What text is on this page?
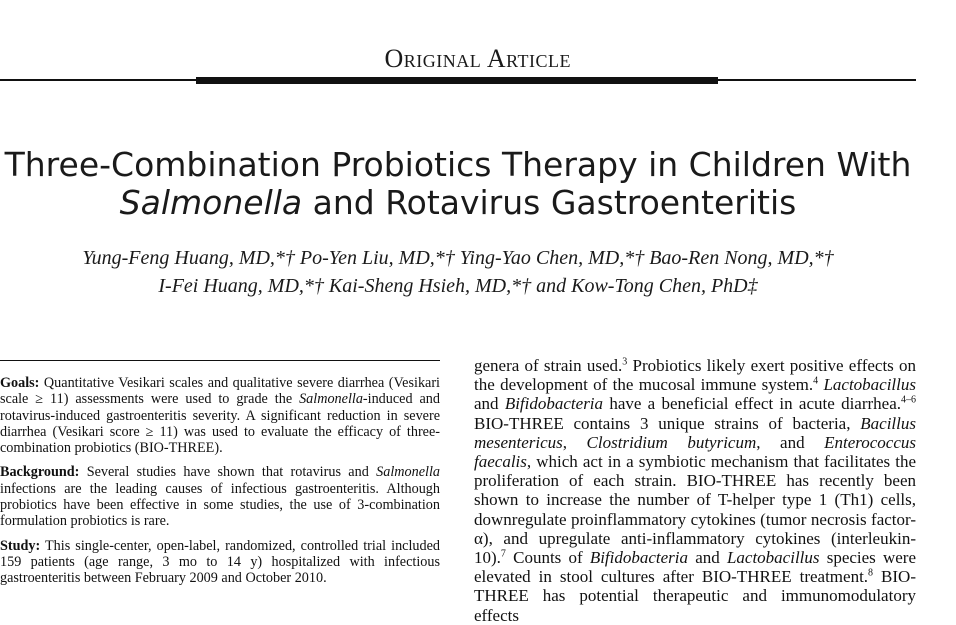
Original Article
Three-Combination Probiotics Therapy in Children With
Salmonella and Rotavirus Gastroenteritis
Yung-Feng Huang, MD,*† Po-Yen Liu, MD,*† Ying-Yao Chen, MD,*† Bao-Ren Nong, MD,*†
I-Fei Huang, MD,*† Kai-Sheng Hsieh, MD,*† and Kow-Tong Chen, PhD‡

Goals: Quantitative Vesikari scales and qualitative severe diarrhea (Vesikari scale ≥ 11) assessments were used to grade the Salmonella-induced and rotavirus-induced gastroenteritis severity. A significant reduction in severe diarrhea (Vesikari score ≥ 11) was used to evaluate the efficacy of three-combination probiotics (BIO-THREE).

Background: Several studies have shown that rotavirus and Salmonella infections are the leading causes of infectious gastroenteritis. Although probiotics have been effective in some studies, the use of 3-combination formulation probiotics is rare.

Study: This single-center, open-label, randomized, controlled trial included 159 patients (age range, 3 mo to 14 y) hospitalized with infectious gastroenteritis between February 2009 and October 2010.

genera of strain used.$^3$ Probiotics likely exert positive effects on the development of the mucosal immune system.$^4$ Lactobacillus and Bifidobacteria have a beneficial effect in acute diarrhea.$^{4-6}$ BIO-THREE contains 3 unique strains of bacteria, Bacillus mesentericus, Clostridium butyricum, and Enterococcus faecalis, which act in a symbiotic mechanism that facilitates the proliferation of each strain. BIO-THREE has recently been shown to increase the number of T-helper type 1 (Th1) cells, downregulate proinflammatory cytokines (tumor necrosis factor-α), and upregulate anti-inflammatory cytokines (interleukin-10).$^7$ Counts of Bifidobacteria and Lactobacillus species were elevated in stool cultures after BIO-THREE treatment.$^8$ BIO-THREE has potential therapeutic and immunomodulatory effects
